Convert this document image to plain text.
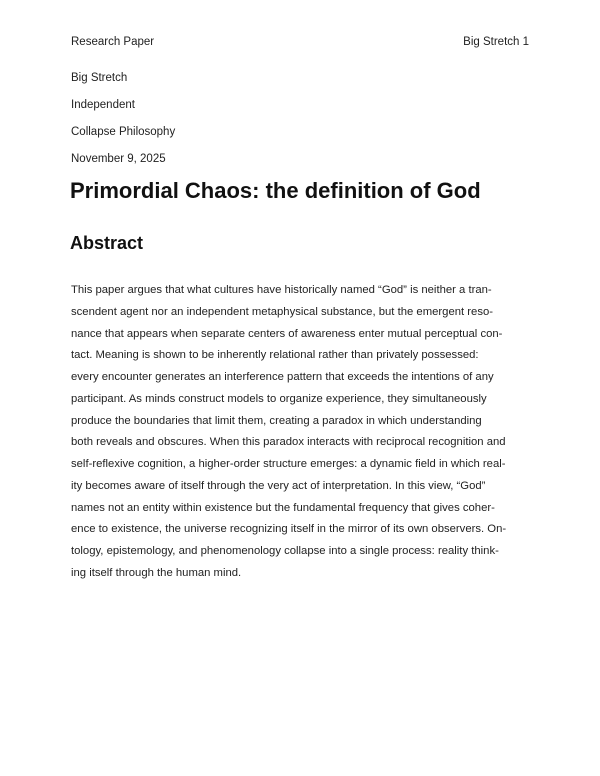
Research Paper	Big Stretch 1
Big Stretch
Independent
Collapse Philosophy
November 9, 2025
Primordial Chaos: the definition of God
Abstract
This paper argues that what cultures have historically named “God” is neither a tran-
scendent agent nor an independent metaphysical substance, but the emergent reso-
nance that appears when separate centers of awareness enter mutual perceptual con-
tact. Meaning is shown to be inherently relational rather than privately possessed:
every encounter generates an interference pattern that exceeds the intentions of any
participant. As minds construct models to organize experience, they simultaneously
produce the boundaries that limit them, creating a paradox in which understanding
both reveals and obscures. When this paradox interacts with reciprocal recognition and
self-reflexive cognition, a higher-order structure emerges: a dynamic field in which real-
ity becomes aware of itself through the very act of interpretation. In this view, “God”
names not an entity within existence but the fundamental frequency that gives coher-
ence to existence, the universe recognizing itself in the mirror of its own observers. On-
tology, epistemology, and phenomenology collapse into a single process: reality think-
ing itself through the human mind.
